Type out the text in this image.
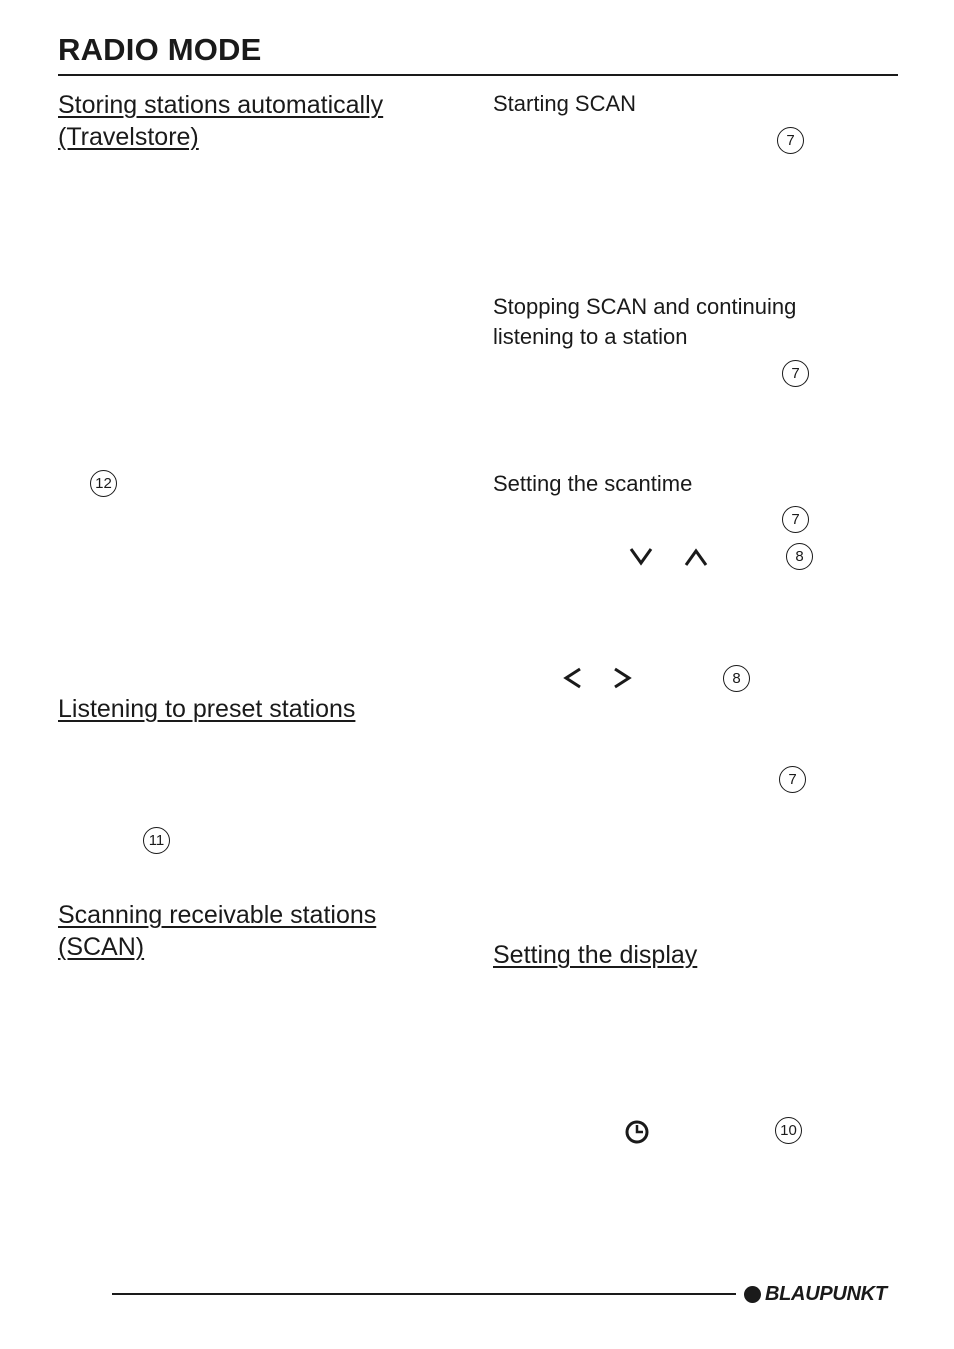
RADIO MODE
Storing stations automatically
(Travelstore)
12
Listening to preset stations
11
Scanning receivable stations
(SCAN)
Starting SCAN
7
Stopping SCAN and continuing
listening to a station
7
Setting the scantime
7
8
8
7
Setting the display
10
BLAUPUNKT
